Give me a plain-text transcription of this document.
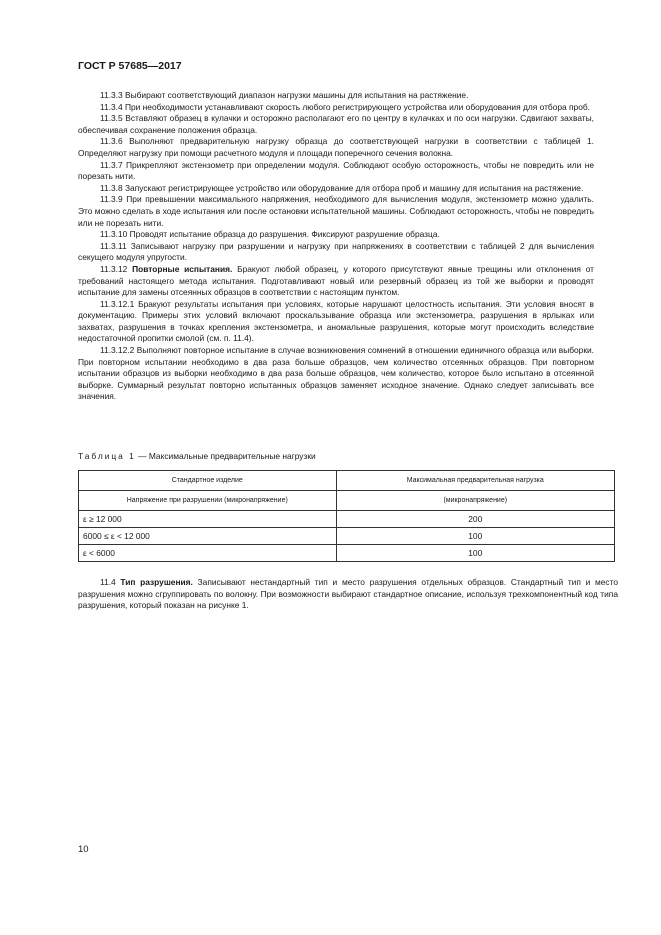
ГОСТ Р 57685—2017

11.3.3 Выбирают соответствующий диапазон нагрузки машины для испытания на растяжение.

11.3.4 При необходимости устанавливают скорость любого регистрирующего устройства или оборудования для отбора проб.

11.3.5 Вставляют образец в кулачки и осторожно располагают его по центру в кулачках и по оси нагрузки. Сдвигают захваты, обеспечивая сохранение положения образца.

11.3.6 Выполняют предварительную нагрузку образца до соответствующей нагрузки в соответствии с таблицей 1. Определяют нагрузку при помощи расчетного модуля и площади поперечного сечения волокна.

11.3.7 Прикрепляют экстензометр при определении модуля. Соблюдают особую осторожность, чтобы не повредить или не порезать нити.

11.3.8 Запускают регистрирующее устройство или оборудование для отбора проб и машину для испытания на растяжение.

11.3.9 При превышении максимального напряжения, необходимого для вычисления модуля, экстензометр можно удалить. Это можно сделать в ходе испытания или после остановки испытательной машины. Соблюдают осторожность, чтобы не повредить или не порезать нити.

11.3.10 Проводят испытание образца до разрушения. Фиксируют разрушение образца.

11.3.11 Записывают нагрузку при разрушении и нагрузку при напряжениях в соответствии с таблицей 2 для вычисления секущего модуля упругости.

11.3.12 Повторные испытания. Бракуют любой образец, у которого присутствуют явные трещины или отклонения от требований настоящего метода испытания. Подготавливают новый или резервный образец из той же выборки и проводят испытание для замены отсеянных образцов в соответствии с настоящим пунктом.

11.3.12.1 Бракуют результаты испытания при условиях, которые нарушают целостность испытания. Эти условия вносят в документацию. Примеры этих условий включают проскальзывание образца или экстензометра, разрушения в ярлыках или захватах, разрушения в точках крепления экстензометра, и аномальные разрушения, которые могут происходить вследствие недостаточной пропитки смолой (см. п. 11.4).

11.3.12.2 Выполняют повторное испытание в случае возникновения сомнений в отношении единичного образца или выборки. При повторном испытании необходимо в два раза больше образцов, чем количество отсеянных образцов. При повторном испытании образцов из выборки необходимо в два раза больше образцов, чем количество, которое было испытано в отсеянной выборке. Суммарный результат повторно испытанных образцов заменяет исходное значение. Однако следует записывать все значения.

Таблица 1 — Максимальные предварительные нагрузки
Стандартное изделие	Максимальная предварительная нагрузка
Напряжение при разрушении (микронапряжение)	(микронапряжение)
ε ≥ 12 000	200
6000 ≤ ε < 12 000	100
ε < 6000	100

11.4 Тип разрушения. Записывают нестандартный тип и место разрушения отдельных образцов. Стандартный тип и место разрушения можно сгруппировать по волокну. При возможности выбирают стандартное описание, используя трехкомпонентный код типа разрушения, который показан на рисунке 1.

10
